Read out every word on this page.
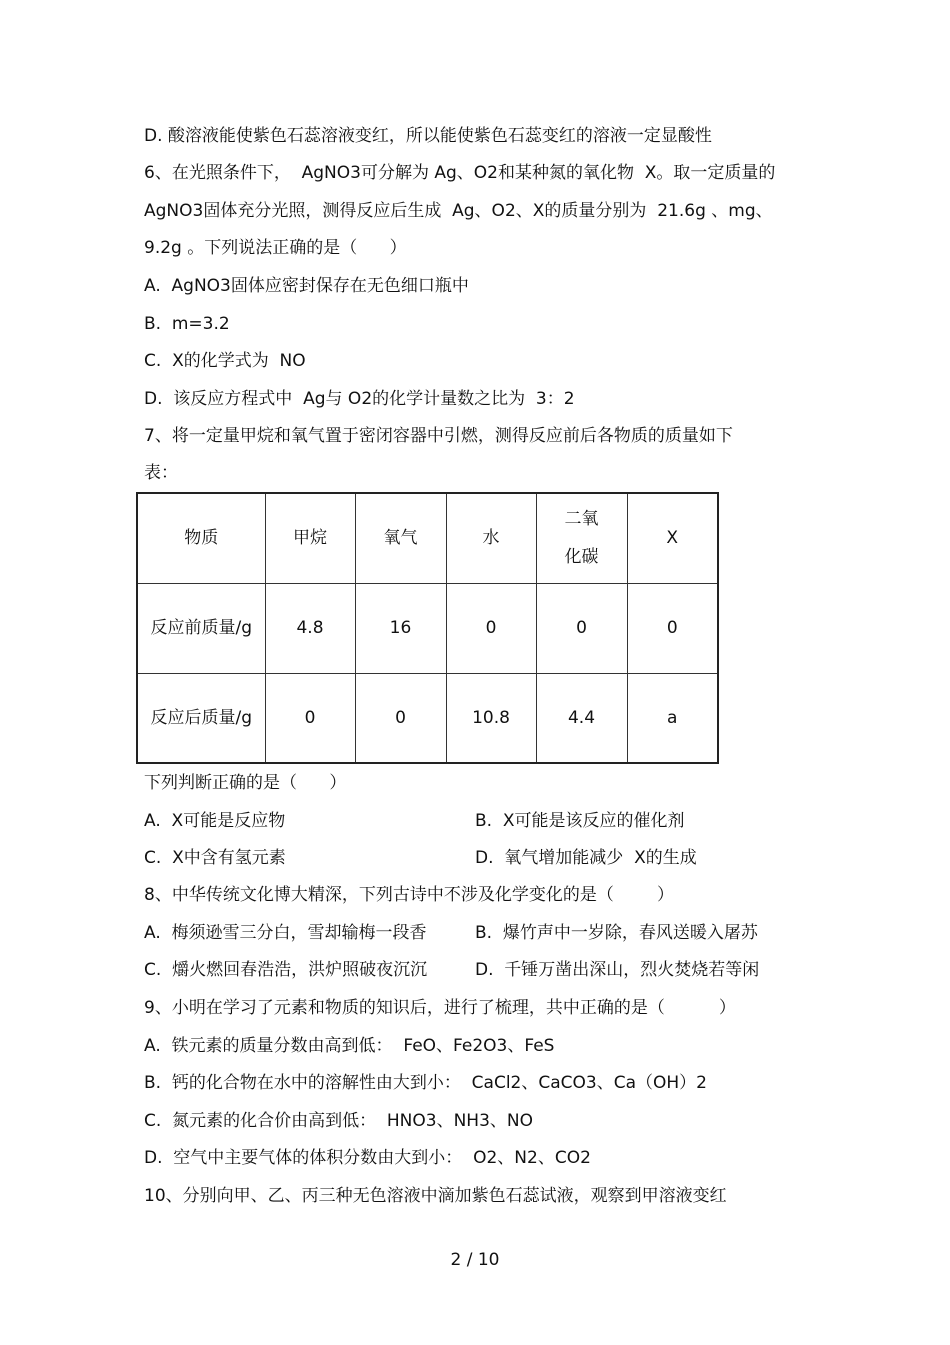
D. 酸溶液能使紫色石蕊溶液变红，所以能使紫色石蕊变红的溶液一定显酸性
6、在光照条件下，  AgNO3可分解为 Ag、O2和某种氮的氧化物  X。取一定质量的
AgNO3固体充分光照，测得反应后生成  Ag、O2、X的质量分别为  21.6g 、mg、
9.2g 。下列说法正确的是（      ）
A.  AgNO3固体应密封保存在无色细口瓶中
B.  m=3.2
C.  X的化学式为  NO
D.  该反应方程式中  Ag与 O2的化学计量数之比为  3：2
7、将一定量甲烷和氧气置于密闭容器中引燃，测得反应前后各物质的质量如下
表：
物质	甲烷	氧气	水	二氧化碳	X
反应前质量/g	4.8	16	0	0	0
反应后质量/g	0	0	10.8	4.4	a
下列判断正确的是（      ）
A.  X可能是反应物	B.  X可能是该反应的催化剂
C.  X中含有氢元素	D.  氧气增加能减少  X的生成
8、中华传统文化博大精深，下列古诗中不涉及化学变化的是（        ）
A.  梅须逊雪三分白，雪却输梅一段香	B.  爆竹声中一岁除，春风送暖入屠苏
C.  爝火燃回春浩浩，洪炉照破夜沉沉	D.  千锤万凿出深山，烈火焚烧若等闲
9、小明在学习了元素和物质的知识后，进行了梳理，共中正确的是（          ）
A.  铁元素的质量分数由高到低：  FeO、Fe2O3、FeS
B.  钙的化合物在水中的溶解性由大到小：  CaCl2、CaCO3、Ca（OH）2
C.  氮元素的化合价由高到低：  HNO3、NH3、NO
D.  空气中主要气体的体积分数由大到小：  O2、N2、CO2
10、分别向甲、乙、丙三种无色溶液中滴加紫色石蕊试液，观察到甲溶液变红
2 / 10
